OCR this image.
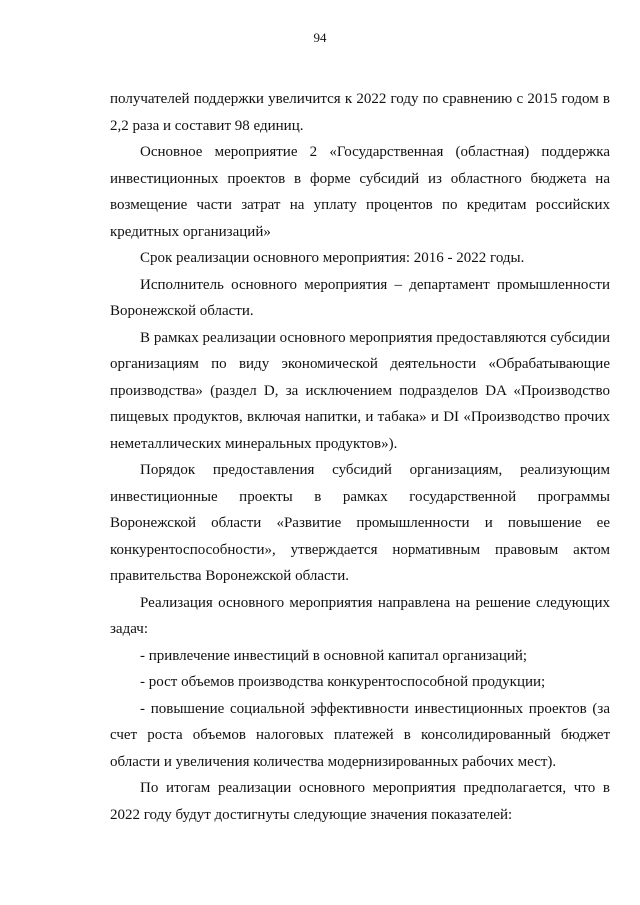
94

получателей поддержки увеличится к 2022 году по сравнению с 2015 годом в 2,2 раза и составит 98 единиц.

Основное мероприятие 2 «Государственная (областная) поддержка инвестиционных проектов в форме субсидий из областного бюджета на возмещение части затрат на уплату процентов по кредитам российских кредитных организаций»

Срок реализации основного мероприятия: 2016 - 2022 годы.

Исполнитель основного мероприятия – департамент промышленности Воронежской области.

В рамках реализации основного мероприятия предоставляются субсидии организациям по виду экономической деятельности «Обрабатывающие производства» (раздел D, за исключением подразделов DA «Производство пищевых продуктов, включая напитки, и табака» и DI «Производство прочих неметаллических минеральных продуктов»).

Порядок предоставления субсидий организациям, реализующим инвестиционные проекты в рамках государственной программы Воронежской области «Развитие промышленности и повышение ее конкурентоспособности», утверждается нормативным правовым актом правительства Воронежской области.

Реализация основного мероприятия направлена на решение следующих задач:

- привлечение инвестиций в основной капитал организаций;

- рост объемов производства конкурентоспособной продукции;

- повышение социальной эффективности инвестиционных проектов (за счет роста объемов налоговых платежей в консолидированный бюджет области и увеличения количества модернизированных рабочих мест).

По итогам реализации основного мероприятия предполагается, что в 2022 году будут достигнуты следующие значения показателей:
